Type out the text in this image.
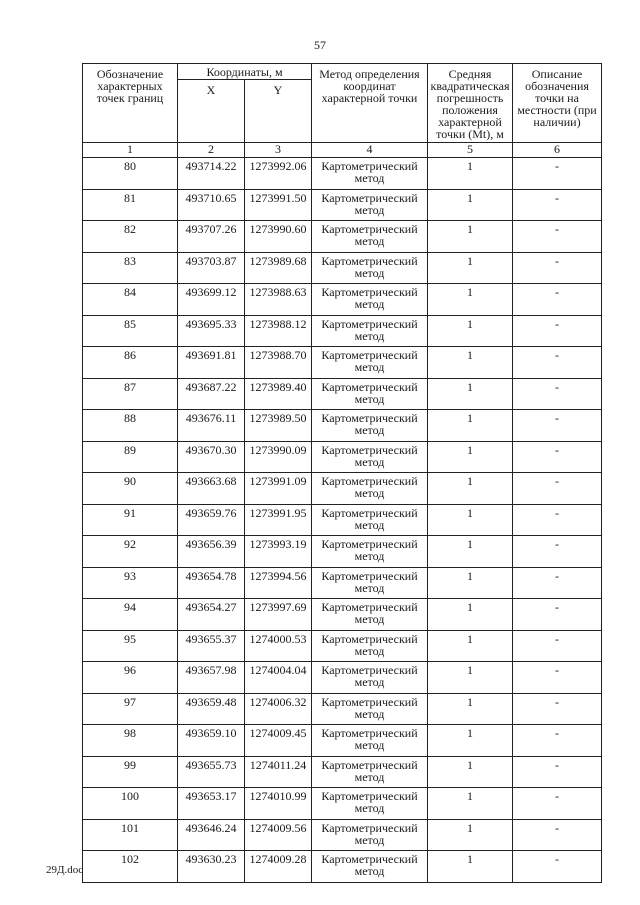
57
Обозначение характерных точек границ	Координаты, м		Метод определения координат характерной точки	Средняя квадратическая погрешность положения характерной точки (Mt), м	Описание обозначения точки на местности (при наличии)
	X	Y			
1	2	3	4	5	6
80	493714.22	1273992.06	Картометрический метод	1	-
81	493710.65	1273991.50	Картометрический метод	1	-
82	493707.26	1273990.60	Картометрический метод	1	-
83	493703.87	1273989.68	Картометрический метод	1	-
84	493699.12	1273988.63	Картометрический метод	1	-
85	493695.33	1273988.12	Картометрический метод	1	-
86	493691.81	1273988.70	Картометрический метод	1	-
87	493687.22	1273989.40	Картометрический метод	1	-
88	493676.11	1273989.50	Картометрический метод	1	-
89	493670.30	1273990.09	Картометрический метод	1	-
90	493663.68	1273991.09	Картометрический метод	1	-
91	493659.76	1273991.95	Картометрический метод	1	-
92	493656.39	1273993.19	Картометрический метод	1	-
93	493654.78	1273994.56	Картометрический метод	1	-
94	493654.27	1273997.69	Картометрический метод	1	-
95	493655.37	1274000.53	Картометрический метод	1	-
96	493657.98	1274004.04	Картометрический метод	1	-
97	493659.48	1274006.32	Картометрический метод	1	-
98	493659.10	1274009.45	Картометрический метод	1	-
99	493655.73	1274011.24	Картометрический метод	1	-
100	493653.17	1274010.99	Картометрический метод	1	-
101	493646.24	1274009.56	Картометрический метод	1	-
102	493630.23	1274009.28	Картометрический метод	1	-
29Д.doc
